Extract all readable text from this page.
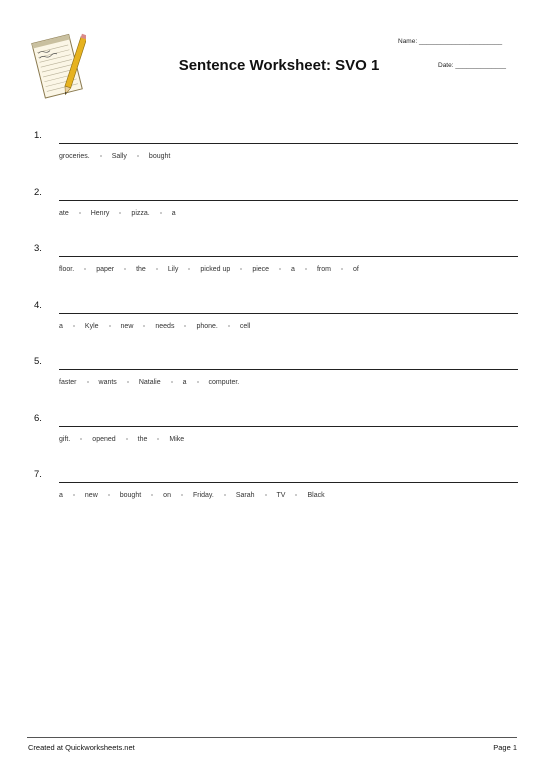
Name: _______________________
Sentence Worksheet: SVO 1	Date: ______________
1.
groceries.	Sally	bought
2.
ate	Henry	pizza.	a
3.
floor.	paper	the	Lily	picked up	piece	a	from	of
4.
a	Kyle	new	needs	phone.	cell
5.
faster	wants	Natalie	a	computer.
6.
gift.	opened	the	Mike
7.
a	new	bought	on	Friday.	Sarah	TV	Black
Created at Quickworksheets.net	Page 1
